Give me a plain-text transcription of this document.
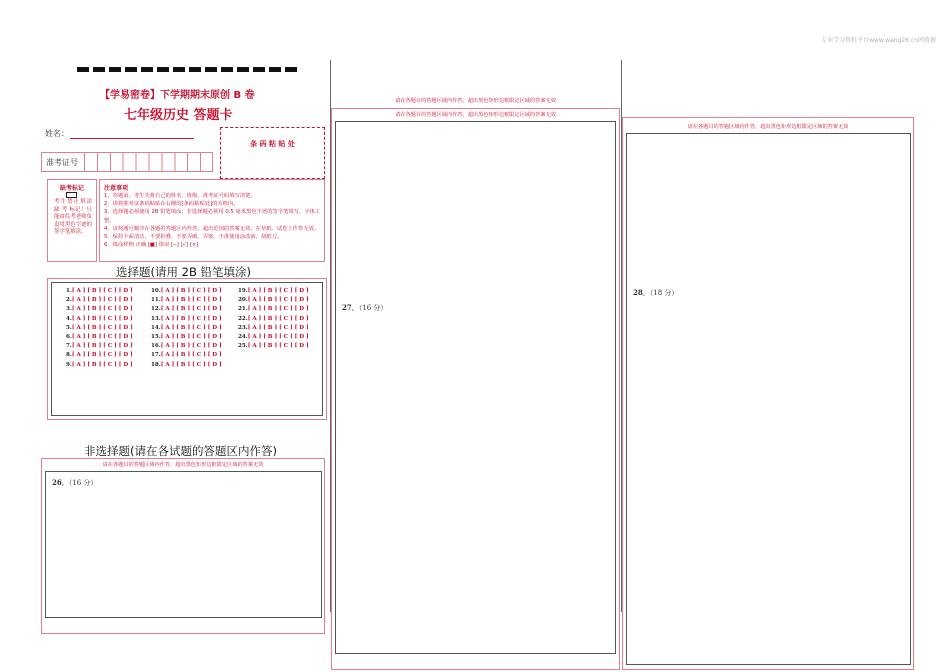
专业学习资料平台www.wang26.cn网资源
【学易密卷】下学期期末原创 B 卷
七年级历史 答题卡
姓名：
准考证号
条 码 粘 贴 处
缺考标记
考生禁止填涂 缺 考 标记！只能由监考老师负责用黑色字迹的签字笔填涂。
注意事项
1．答题前，考生先将自己的姓名、班级、准考证号码填写清楚。
2．请将准考证条码粘贴在右侧的[条码粘贴处]的方框内。
3．选择题必须使用 2B 铅笔填涂；非选择题必须用 0.5 毫米黑色字迹的签字笔填写，字体工整。
4．请按题号顺序在各题的答题区内作答，超出范围的答案无效，在草纸、试卷上作答无效。
5．保持卡面清洁，不要折叠、不要弄破、弄皱，不准使用涂改液、刮纸刀。
6．填涂样例 正确 [■] 错误 [--] [√] [×]
选择题(请用 2B 铅笔填涂)
1.[ A ] [ B ] [ C ] [ D ]
2.[ A ] [ B ] [ C ] [ D ]
3.[ A ] [ B ] [ C ] [ D ]
4.[ A ] [ B ] [ C ] [ D ]
5.[ A ] [ B ] [ C ] [ D ]
6.[ A ] [ B ] [ C ] [ D ]
7.[ A ] [ B ] [ C ] [ D ]
8.[ A ] [ B ] [ C ] [ D ]
9.[ A ] [ B ] [ C ] [ D ]
10.[ A ] [ B ] [ C ] [ D ]
11.[ A ] [ B ] [ C ] [ D ]
12.[ A ] [ B ] [ C ] [ D ]
13.[ A ] [ B ] [ C ] [ D ]
14.[ A ] [ B ] [ C ] [ D ]
15.[ A ] [ B ] [ C ] [ D ]
16.[ A ] [ B ] [ C ] [ D ]
17.[ A ] [ B ] [ C ] [ D ]
18.[ A ] [ B ] [ C ] [ D ]
19.[ A ] [ B ] [ C ] [ D ]
20.[ A ] [ B ] [ C ] [ D ]
21.[ A ] [ B ] [ C ] [ D ]
22.[ A ] [ B ] [ C ] [ D ]
23.[ A ] [ B ] [ C ] [ D ]
24.[ A ] [ B ] [ C ] [ D ]
25.[ A ] [ B ] [ C ] [ D ]
非选择题(请在各试题的答题区内作答)
请在各题目的答题区域内作答，超出黑色矩形边框限定区域的答案无效
26．（16 分）
请在各题目的答题区域内作答，超出黑色矩形边框限定区域的答案无效
请在各题目的答题区域内作答，超出黑色矩形边框限定区域的答案无效
27．（16 分）
请在各题目的答题区域内作答，超出黑色矩形边框限定区域的答案无效
28．（18 分）
